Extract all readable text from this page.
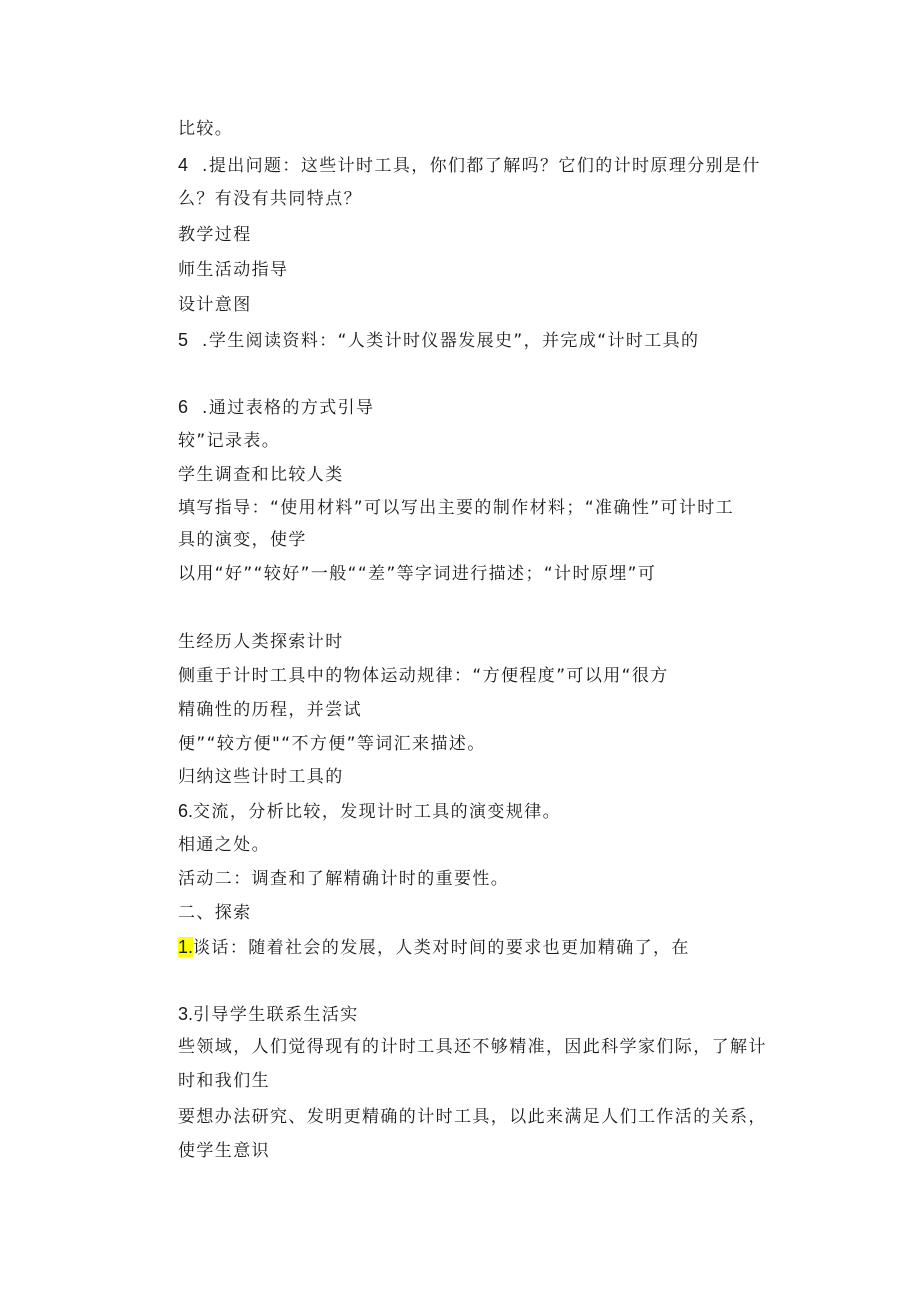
比较。
4 .提出问题：这些计时工具，你们都了解吗？它们的计时原理分别是什
么？有没有共同特点？
教学过程
师生活动指导
设计意图
5 .学生阅读资料：“人类计时仪器发展史”，并完成“计时工具的
6 .通过表格的方式引导
较”记录表。
学生调查和比较人类
填写指导：“使用材料”可以写出主要的制作材料；“准确性”可计时工
具的演变，使学
以用“好”“较好”一般““差”等字词进行描述；“计时原埋”可
生经历人类探索计时
侧重于计时工具中的物体运动规律：“方便程度”可以用“很方
精确性的历程，并尝试
便”“较方便"“不方便”等词汇来描述。
归纳这些计时工具的
6.交流，分析比较，发现计时工具的演变规律。
相通之处。
活动二：调查和了解精确计时的重要性。
二、探索
1.谈话：随着社会的发展，人类对时间的要求也更加精确了，在
3.引导学生联系生活实
些领域，人们觉得现有的计时工具还不够精准，因此科学家们际，了解计
时和我们生
要想办法研究、发明更精确的计时工具，以此来满足人们工作活的关系，
使学生意识
